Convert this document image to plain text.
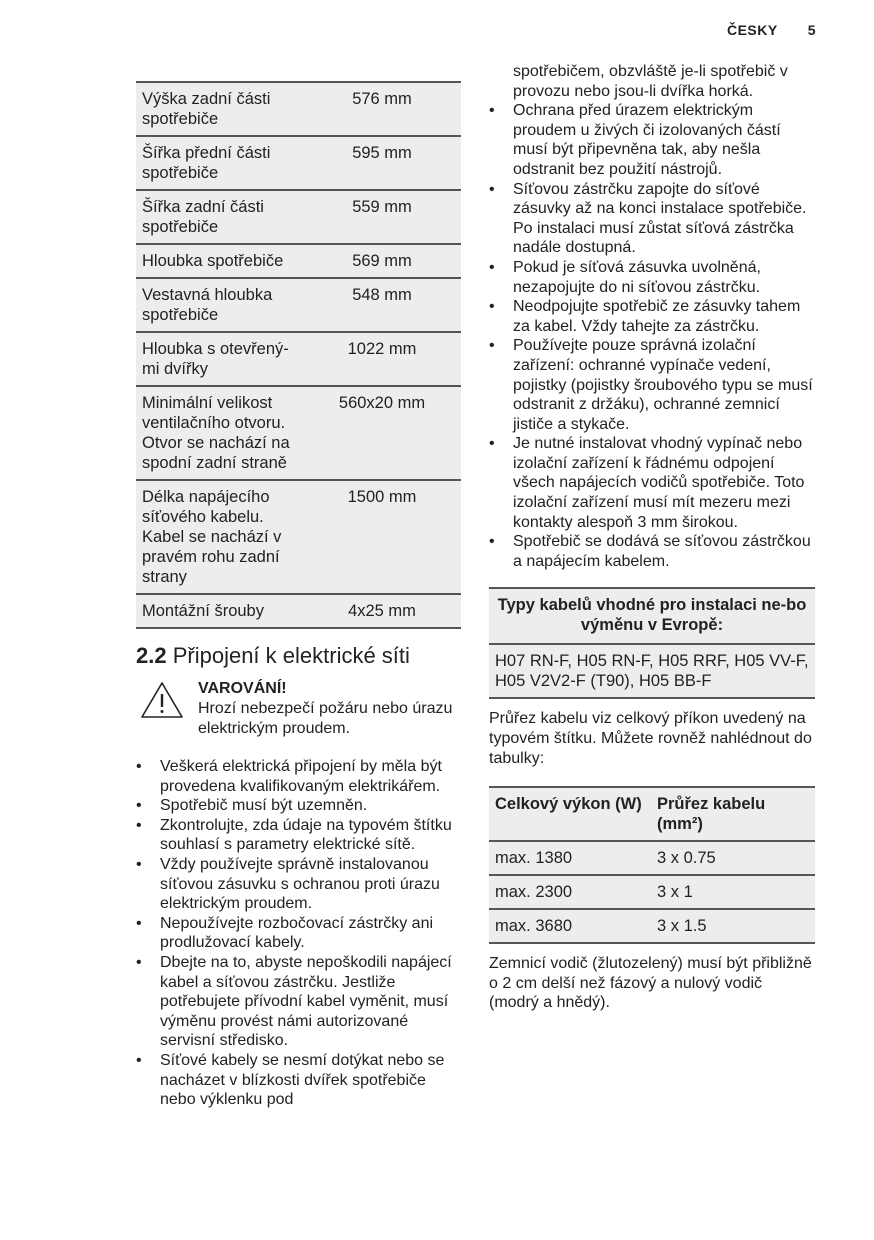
ČESKY 5
Výška zadní části spotřebiče	576 mm
Šířka přední části spotřebiče	595 mm
Šířka zadní části spotřebiče	559 mm
Hloubka spotřebiče	569 mm
Vestavná hloubka spotřebiče	548 mm
Hloubka s otevřený-mi dvířky	1022 mm
Minimální velikost ventilačního otvoru. Otvor se nachází na spodní zadní straně	560x20 mm
Délka napájecího síťového kabelu. Kabel se nachází v pravém rohu zadní strany	1500 mm
Montážní šrouby	4x25 mm
2.2 Připojení k elektrické síti
VAROVÁNÍ!
Hrozí nebezpečí požáru nebo úrazu elektrickým proudem.
• Veškerá elektrická připojení by měla být provedena kvalifikovaným elektrikářem.
• Spotřebič musí být uzemněn.
• Zkontrolujte, zda údaje na typovém štítku souhlasí s parametry elektrické sítě.
• Vždy používejte správně instalovanou síťovou zásuvku s ochranou proti úrazu elektrickým proudem.
• Nepoužívejte rozbočovací zástrčky ani prodlužovací kabely.
• Dbejte na to, abyste nepoškodili napájecí kabel a síťovou zástrčku. Jestliže potřebujete přívodní kabel vyměnit, musí výměnu provést námi autorizované servisní středisko.
• Síťové kabely se nesmí dotýkat nebo se nacházet v blízkosti dvířek spotřebiče nebo výklenku pod
spotřebičem, obzvláště je-li spotřebič v provozu nebo jsou-li dvířka horká.
• Ochrana před úrazem elektrickým proudem u živých či izolovaných částí musí být připevněna tak, aby nešla odstranit bez použití nástrojů.
• Síťovou zástrčku zapojte do síťové zásuvky až na konci instalace spotřebiče. Po instalaci musí zůstat síťová zástrčka nadále dostupná.
• Pokud je síťová zásuvka uvolněná, nezapojujte do ni síťovou zástrčku.
• Neodpojujte spotřebič ze zásuvky tahem za kabel. Vždy tahejte za zástrčku.
• Používejte pouze správná izolační zařízení: ochranné vypínače vedení, pojistky (pojistky šroubového typu se musí odstranit z držáku), ochranné zemnicí jističe a stykače.
• Je nutné instalovat vhodný vypínač nebo izolační zařízení k řádnému odpojení všech napájecích vodičů spotřebiče. Toto izolační zařízení musí mít mezeru mezi kontakty alespoň 3 mm širokou.
• Spotřebič se dodává se síťovou zástrčkou a napájecím kabelem.
Typy kabelů vhodné pro instalaci ne-bo výměnu v Evropě:
H07 RN-F, H05 RN-F, H05 RRF, H05 VV-F, H05 V2V2-F (T90), H05 BB-F

Průřez kabelu viz celkový příkon uvedený na typovém štítku. Můžete rovněž nahlédnout do tabulky:

Celkový výkon (W)	Průřez kabelu (mm²)
max. 1380	3 x 0.75
max. 2300	3 x 1
max. 3680	3 x 1.5

Zemnicí vodič (žlutozelený) musí být přibližně o 2 cm delší než fázový a nulový vodič (modrý a hnědý).
